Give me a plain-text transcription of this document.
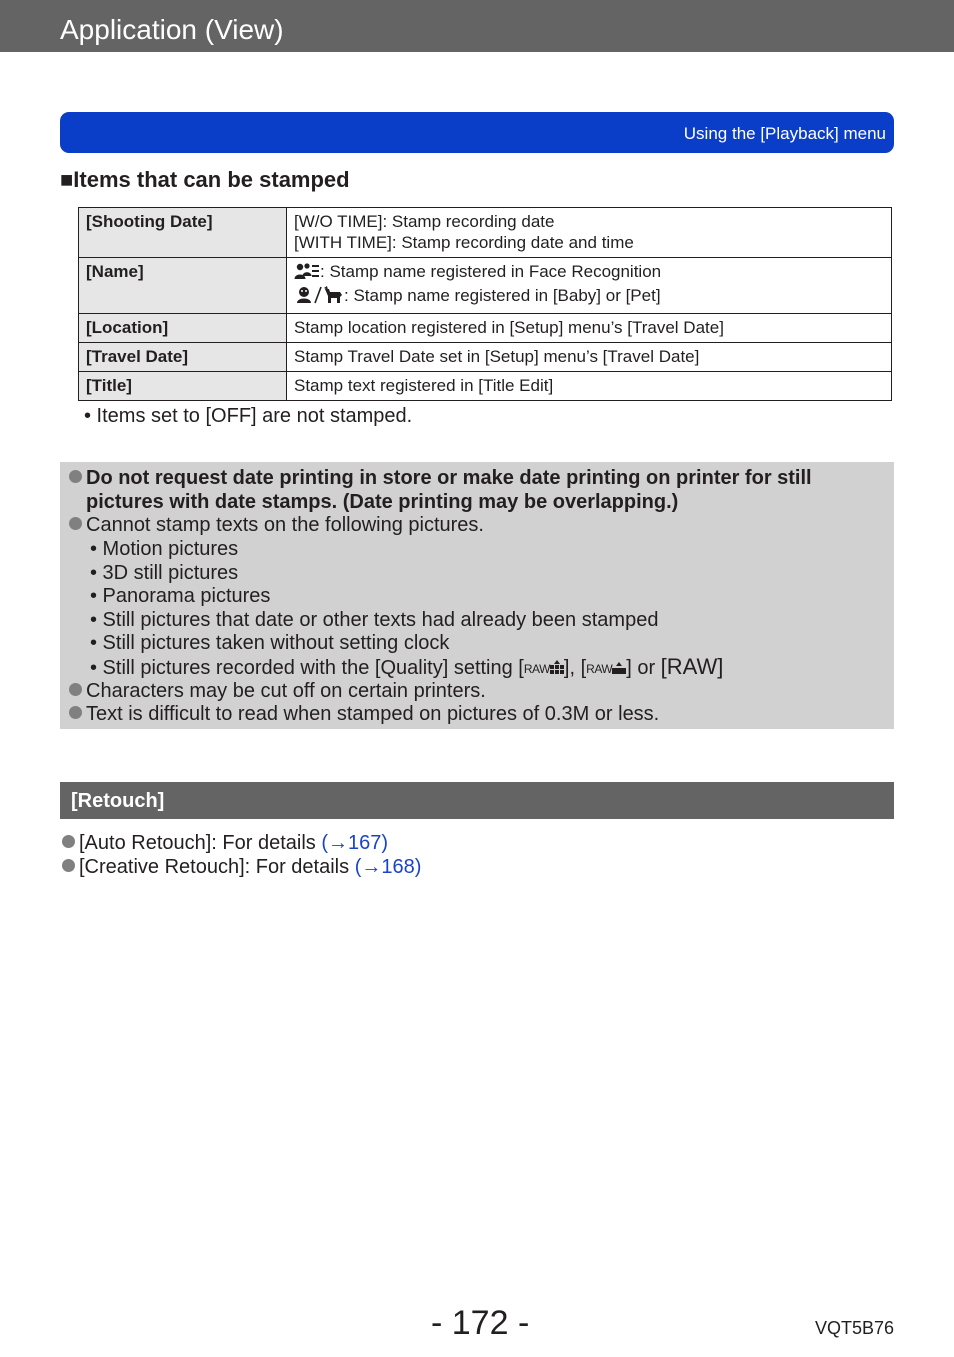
Application (View)
Using the [Playback] menu
■Items that can be stamped
[Shooting Date]	[W/O TIME]: Stamp recording date
[WITH TIME]: Stamp recording date and time

[Name]	: Stamp name registered in Face Recognition
: Stamp name registered in [Baby] or [Pet]

[Location]	Stamp location registered in [Setup] menu’s [Travel Date]
[Travel Date]	Stamp Travel Date set in [Setup] menu’s [Travel Date]
[Title]	Stamp text registered in [Title Edit]
• Items set to [OFF] are not stamped.
Do not request date printing in store or make date printing on printer for still
pictures with date stamps. (Date printing may be overlapping.)
Cannot stamp texts on the following pictures.
• Motion pictures
• 3D still pictures
• Panorama pictures
• Still pictures that date or other texts had already been stamped
• Still pictures taken without setting clock
• Still pictures recorded with the [Quality] setting [RAW ], [RAW ] or [RAW]
Characters may be cut off on certain printers.
Text is difficult to read when stamped on pictures of 0.3M or less.
[Retouch]
[Auto Retouch]: For details (→167)
[Creative Retouch]: For details (→168)
- 172 -	VQT5B76
